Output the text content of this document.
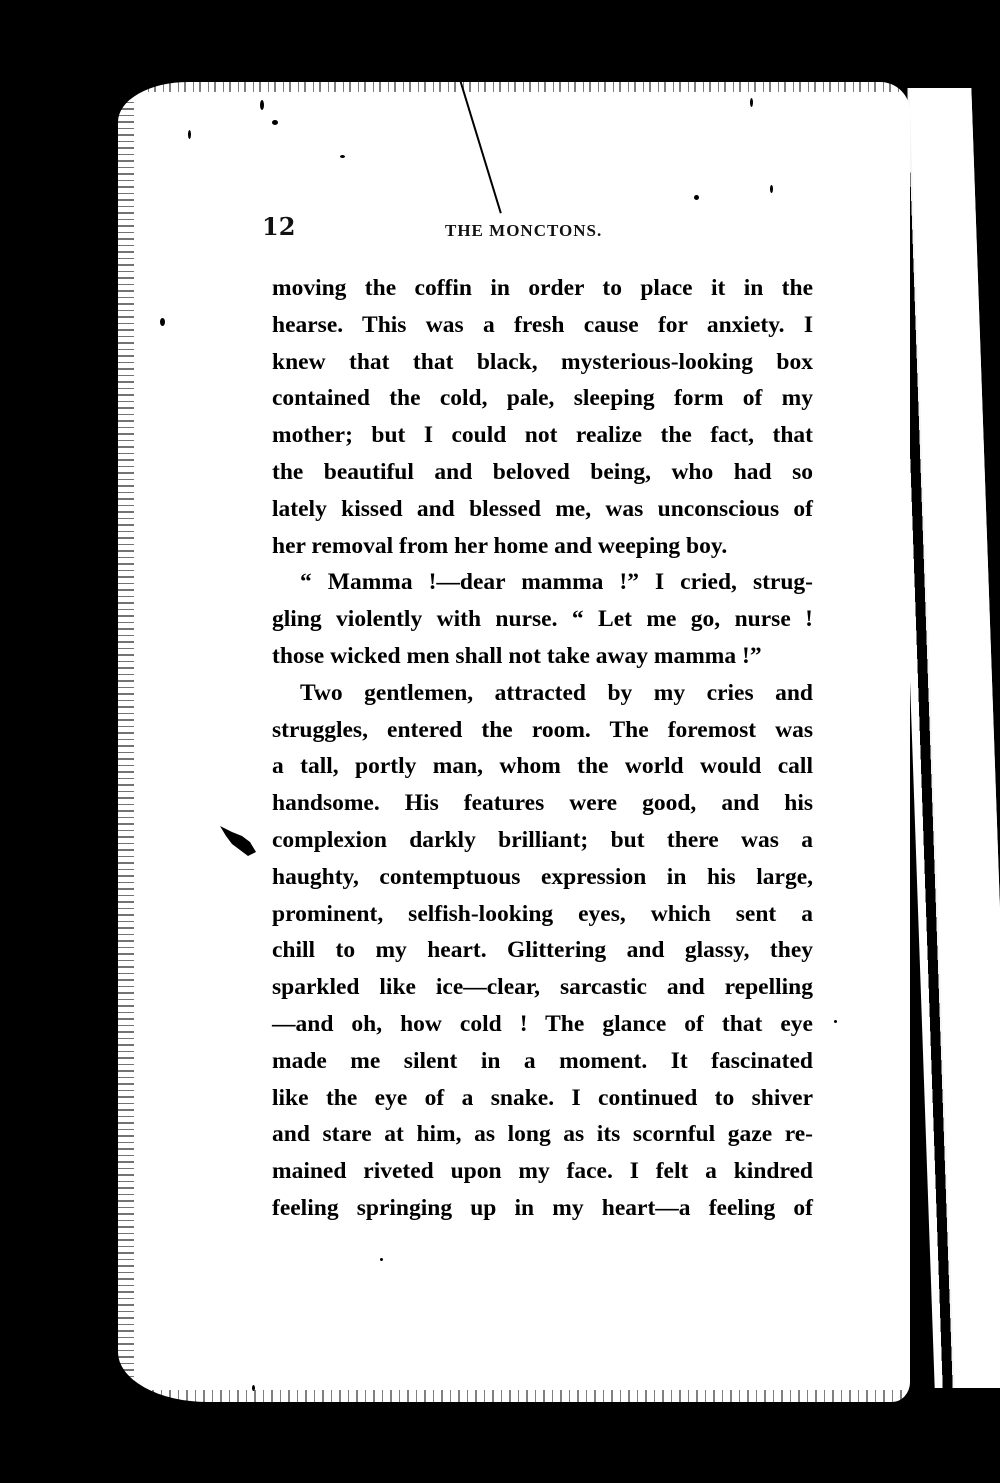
12	THE MONCTONS.
moving the coffin in order to place it in the
hearse. This was a fresh cause for anxiety. I
knew that that black, mysterious-looking box
contained the cold, pale, sleeping form of my
mother; but I could not realize the fact, that
the beautiful and beloved being, who had so
lately kissed and blessed me, was unconscious of
her removal from her home and weeping boy.
“ Mamma !—dear mamma !” I cried, strug-
gling violently with nurse. “ Let me go, nurse !
those wicked men shall not take away mamma !”
Two gentlemen, attracted by my cries and
struggles, entered the room. The foremost was
a tall, portly man, whom the world would call
handsome. His features were good, and his
complexion darkly brilliant; but there was a
haughty, contemptuous expression in his large,
prominent, selfish-looking eyes, which sent a
chill to my heart. Glittering and glassy, they
sparkled like ice—clear, sarcastic and repelling
—and oh, how cold ! The glance of that eye
made me silent in a moment. It fascinated
like the eye of a snake. I continued to shiver
and stare at him, as long as its scornful gaze re-
mained riveted upon my face. I felt a kindred
feeling springing up in my heart—a feeling of
